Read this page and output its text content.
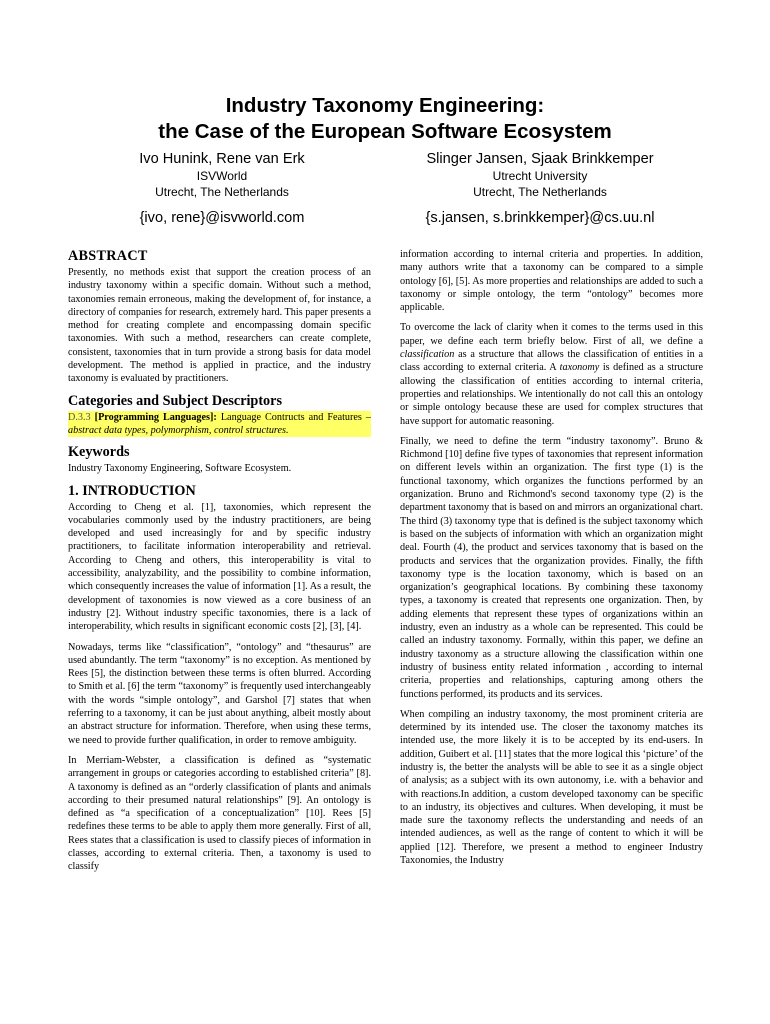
Industry Taxonomy Engineering:
the Case of the European Software Ecosystem
Ivo Hunink, Rene van Erk
ISVWorld
Utrecht, The Netherlands
{ivo, rene}@isvworld.com
Slinger Jansen, Sjaak Brinkkemper
Utrecht University
Utrecht, The Netherlands
{s.jansen, s.brinkkemper}@cs.uu.nl
ABSTRACT

Presently, no methods exist that support the creation process of an industry taxonomy within a specific domain. Without such a method, taxonomies remain erroneous, making the development of, for instance, a directory of companies for research, extremely hard. This paper presents a method for creating complete and encompassing domain specific taxonomies. With such a method, researchers can create complete, consistent, taxonomies that in turn provide a strong basis for data model development. The method is applied in practice, and the industry taxonomy is evaluated by practitioners.

Categories and Subject Descriptors

D.3.3 [Programming Languages]: Language Contructs and Features – abstract data types, polymorphism, control structures.

Keywords

Industry Taxonomy Engineering, Software Ecosystem.

1. INTRODUCTION

According to Cheng et al. [1], taxonomies, which represent the vocabularies commonly used by the industry practitioners, are being developed and used increasingly for and by specific industry practitioners, to facilitate information interoperability and retrieval. According to Cheng and others, this interoperability is vital to accessibility, analyzability, and the possibility to combine information, which consequently increases the value of information [1]. As a result, the development of taxonomies is now viewed as a core business of an industry [2]. Without industry specific taxonomies, there is a lack of interoperability, which results in significant economic costs [2], [3], [4].

Nowadays, terms like “classification”, “ontology” and “thesaurus” are used abundantly. The term “taxonomy” is no exception. As mentioned by Rees [5], the distinction between these terms is often blurred. According to Smith et al. [6] the term “taxonomy” is frequently used interchangeably with the words “simple ontology”, and Garshol [7] states that when referring to a taxonomy, it can be just about anything, albeit mostly about an abstract structure for information. Therefore, when using these terms, we need to provide further qualification, in order to remove ambiguity.

In Merriam-Webster, a classification is defined as “systematic arrangement in groups or categories according to established criteria” [8]. A taxonomy is defined as an “orderly classification of plants and animals according to their presumed natural relationships” [9]. An ontology is defined as “a specification of a conceptualization” [10]. Rees [5] redefines these terms to be able to apply them more generally. First of all, Rees states that a classification is used to classify pieces of information in classes, according to external criteria. Then, a taxonomy is used to classify

information according to internal criteria and properties. In addition, many authors write that a taxonomy can be compared to a simple ontology [6], [5]. As more properties and relationships are added to such a taxonomy or simple ontology, the term “ontology” becomes more applicable.

To overcome the lack of clarity when it comes to the terms used in this paper, we define each term briefly below. First of all, we define a classification as a structure that allows the classification of entities in a class according to external criteria. A taxonomy is defined as a structure allowing the classification of entities according to internal criteria, properties and relationships. We intentionally do not call this an ontology or simple ontology because these are used for complex structures that have support for automatic reasoning.

Finally, we need to define the term “industry taxonomy”. Bruno & Richmond [10] define five types of taxonomies that represent information on different levels within an organization. The first type (1) is the functional taxonomy, which organizes the functions performed by an organization. Bruno and Richmond's second taxonomy type (2) is the department taxonomy that is based on and mirrors an organizational chart. The third (3) taxonomy type that is defined is the subject taxonomy which is based on the subjects of information with which an organization might deal. Fourth (4), the product and services taxonomy that is based on the products and services that the organization provides. Finally, the fifth taxonomy type is the location taxonomy, which is based on an organization’s geographical locations. By combining these taxonomy types, a taxonomy is created that represents one organization. Then, by adding elements that represent these types of organizations within an industry, even an industry as a whole can be represented. This could be called an industry taxonomy. Formally, within this paper, we define an industry taxonomy as a structure allowing the classification within one industry of business entity related information , according to internal criteria, properties and relationships, capturing among others the functions performed, its products and its services.

When compiling an industry taxonomy, the most prominent criteria are determined by its intended use. The closer the taxonomy matches its intended use, the more likely it is to be accepted by its end-users. In addition, Guibert et al. [11] states that the more logical this ‘picture’ of the industry is, the better the analysts will be able to see it as a single object of analysis; as a subject with its own autonomy, i.e. with a behavior and with reactions.In addition, a custom developed taxonomy can be specific to an industry, its objectives and cultures. When developing, it must be made sure the taxonomy reflects the understanding and needs of an intended audiences, as well as the range of content to which it will be applied [12]. Therefore, we present a method to engineer Industry Taxonomies, the Industry
